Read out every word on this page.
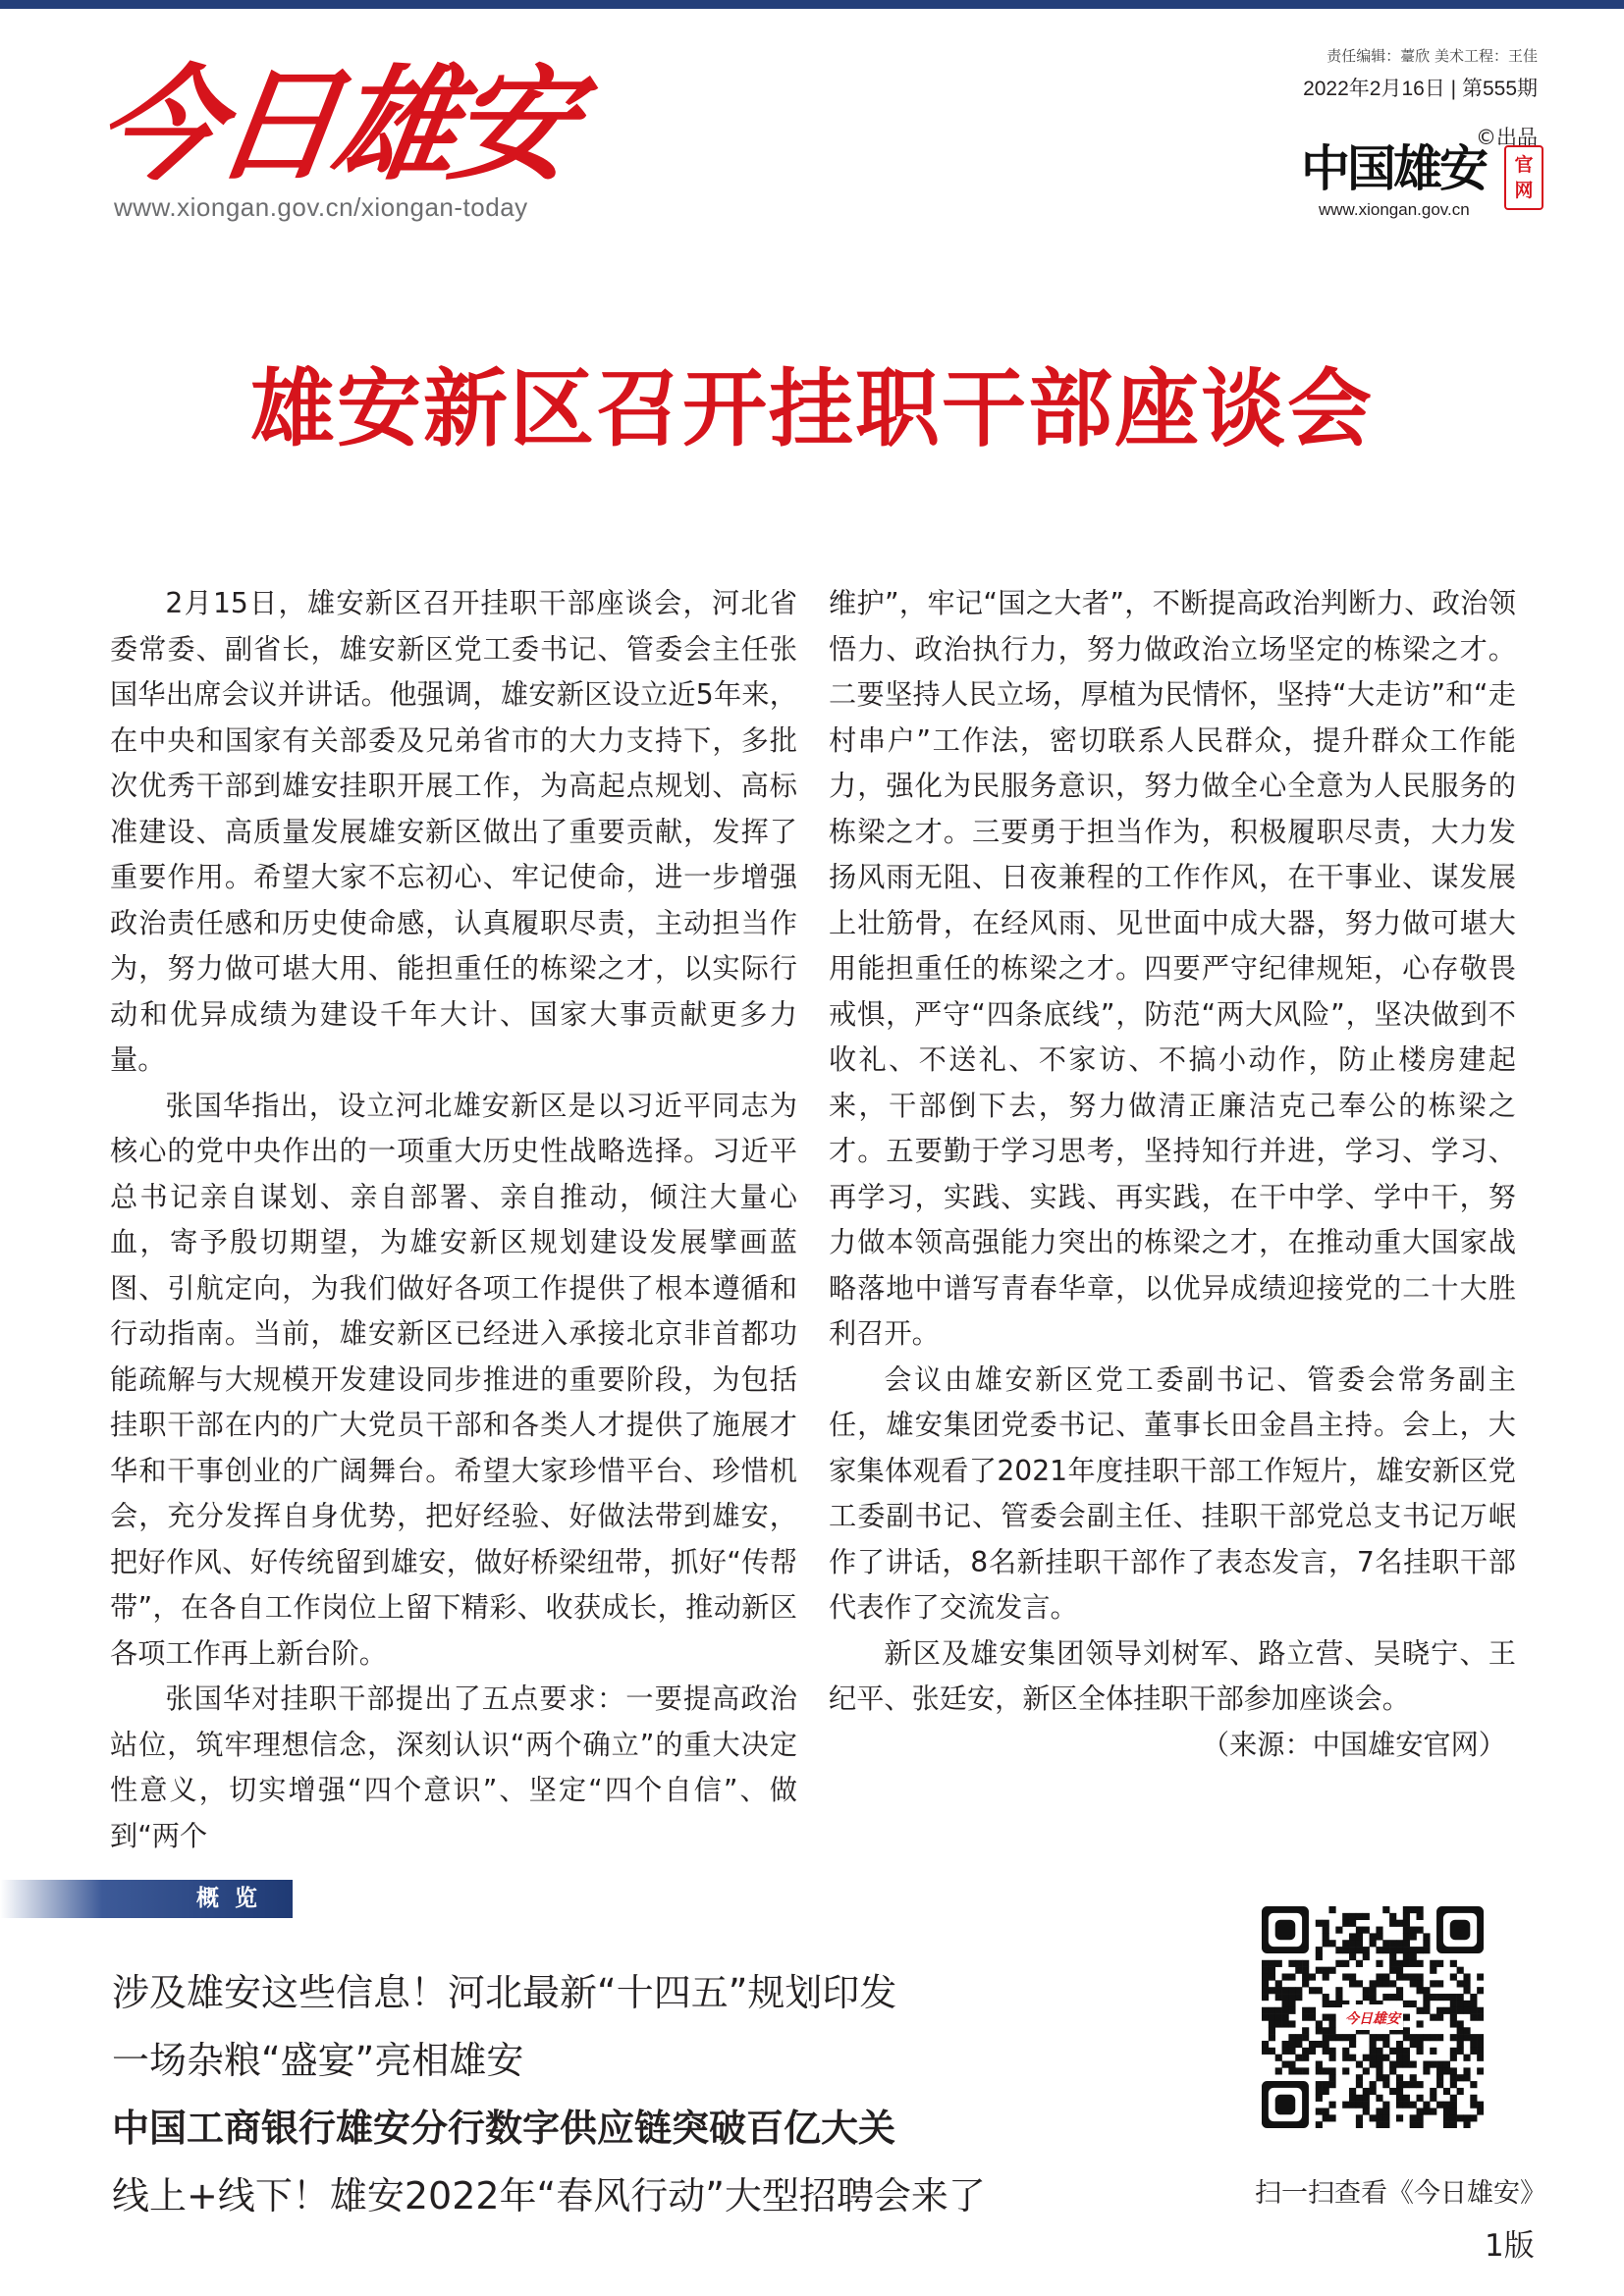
今日雄安
www.xiongan.gov.cn/xiongan-today
责任编辑：薹欣 美术工程：王佳
2022年2月16日 | 第555期
©出品
中国雄安	官
网
www.xiongan.gov.cn
雄安新区召开挂职干部座谈会

2月15日，雄安新区召开挂职干部座谈会，河北省委常委、副省长，雄安新区党工委书记、管委会主任张国华出席会议并讲话。他强调，雄安新区设立近5年来，在中央和国家有关部委及兄弟省市的大力支持下，多批次优秀干部到雄安挂职开展工作，为高起点规划、高标准建设、高质量发展雄安新区做出了重要贡献，发挥了重要作用。希望大家不忘初心、牢记使命，进一步增强政治责任感和历史使命感，认真履职尽责，主动担当作为，努力做可堪大用、能担重任的栋梁之才，以实际行动和优异成绩为建设千年大计、国家大事贡献更多力量。

张国华指出，设立河北雄安新区是以习近平同志为核心的党中央作出的一项重大历史性战略选择。习近平总书记亲自谋划、亲自部署、亲自推动，倾注大量心血，寄予殷切期望，为雄安新区规划建设发展擘画蓝图、引航定向，为我们做好各项工作提供了根本遵循和行动指南。当前，雄安新区已经进入承接北京非首都功能疏解与大规模开发建设同步推进的重要阶段，为包括挂职干部在内的广大党员干部和各类人才提供了施展才华和干事创业的广阔舞台。希望大家珍惜平台、珍惜机会，充分发挥自身优势，把好经验、好做法带到雄安，把好作风、好传统留到雄安，做好桥梁纽带，抓好“传帮带”，在各自工作岗位上留下精彩、收获成长，推动新区各项工作再上新台阶。

张国华对挂职干部提出了五点要求：一要提高政治站位，筑牢理想信念，深刻认识“两个确立”的重大决定性意义，切实增强“四个意识”、坚定“四个自信”、做到“两个

维护”，牢记“国之大者”，不断提高政治判断力、政治领悟力、政治执行力，努力做政治立场坚定的栋梁之才。二要坚持人民立场，厚植为民情怀，坚持“大走访”和“走村串户”工作法，密切联系人民群众，提升群众工作能力，强化为民服务意识，努力做全心全意为人民服务的栋梁之才。三要勇于担当作为，积极履职尽责，大力发扬风雨无阻、日夜兼程的工作作风，在干事业、谋发展上壮筋骨，在经风雨、见世面中成大器，努力做可堪大用能担重任的栋梁之才。四要严守纪律规矩，心存敬畏戒惧，严守“四条底线”，防范“两大风险”，坚决做到不收礼、不送礼、不家访、不搞小动作，防止楼房建起来，干部倒下去，努力做清正廉洁克己奉公的栋梁之才。五要勤于学习思考，坚持知行并进，学习、学习、再学习，实践、实践、再实践，在干中学、学中干，努力做本领高强能力突出的栋梁之才，在推动重大国家战略落地中谱写青春华章，以优异成绩迎接党的二十大胜利召开。

会议由雄安新区党工委副书记、管委会常务副主任，雄安集团党委书记、董事长田金昌主持。会上，大家集体观看了2021年度挂职干部工作短片，雄安新区党工委副书记、管委会副主任、挂职干部党总支书记万岷作了讲话，8名新挂职干部作了表态发言，7名挂职干部代表作了交流发言。

新区及雄安集团领导刘树军、路立营、吴晓宁、王纪平、张廷安，新区全体挂职干部参加座谈会。

（来源：中国雄安官网）
概 览
涉及雄安这些信息！河北最新“十四五”规划印发
一场杂粮“盛宴”亮相雄安
中国工商银行雄安分行数字供应链突破百亿大关
线上+线下！雄安2022年“春风行动”大型招聘会来了
今日雄安
扫一扫查看《今日雄安》
1版
